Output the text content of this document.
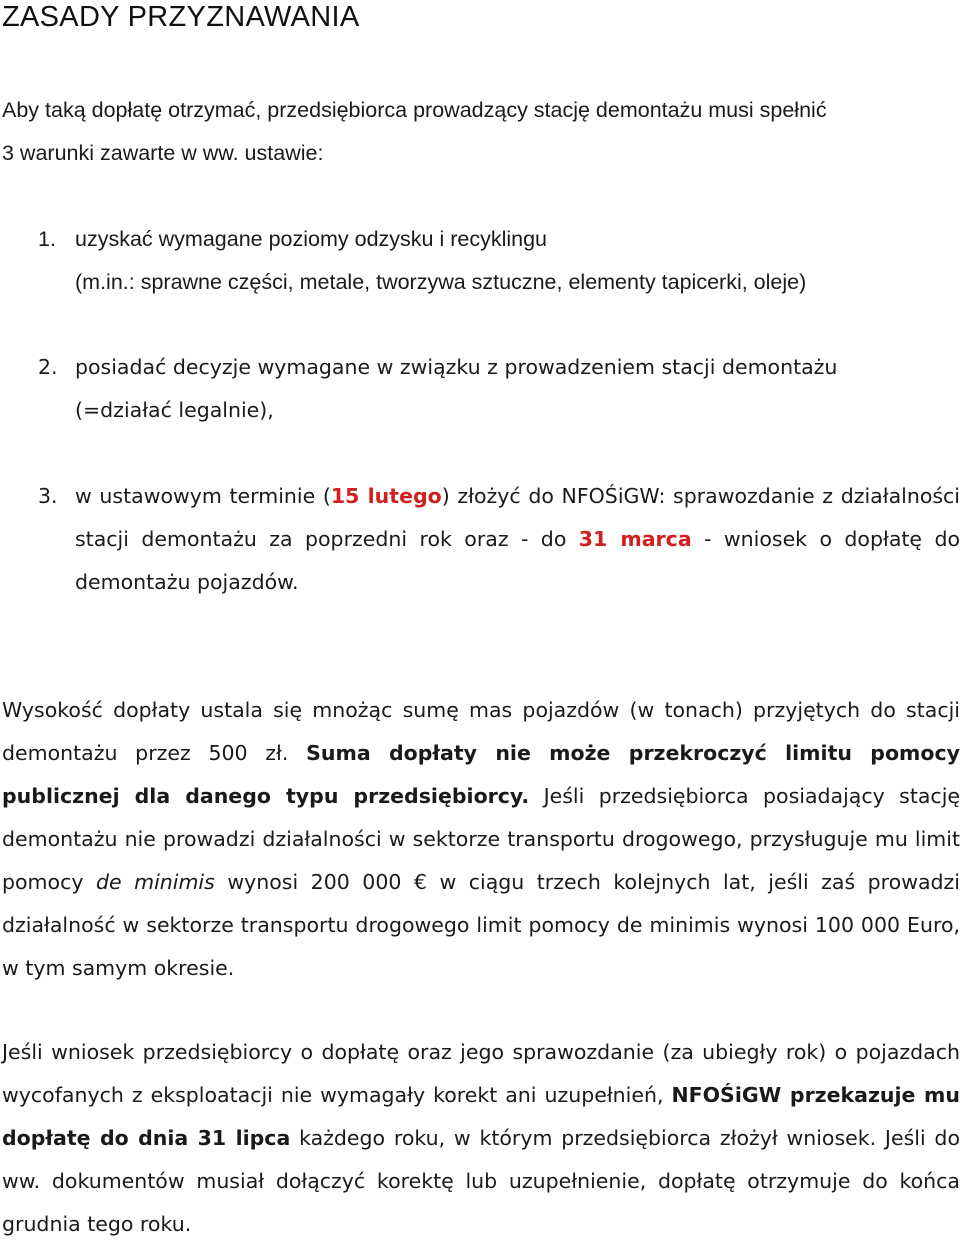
ZASADY PRZYZNAWANIA
Aby taką dopłatę otrzymać, przedsiębiorca prowadzący stację demontażu musi spełnić
3 warunki zawarte w ww. ustawie:
1. uzyskać wymagane poziomy odzysku i recyklingu
(m.in.: sprawne części, metale, tworzywa sztuczne, elementy tapicerki, oleje)
2. posiadać decyzje wymagane w związku z prowadzeniem stacji demontażu
(=działać legalnie),
3. w ustawowym terminie (15 lutego) złożyć do NFOŚiGW: sprawozdanie z działalności stacji demontażu za poprzedni rok oraz - do 31 marca - wniosek o dopłatę do demontażu pojazdów.
Wysokość dopłaty ustala się mnożąc sumę mas pojazdów (w tonach) przyjętych do stacji demontażu przez 500 zł. Suma dopłaty nie może przekroczyć limitu pomocy publicznej dla danego typu przedsiębiorcy. Jeśli przedsiębiorca posiadający stację demontażu nie prowadzi działalności w sektorze transportu drogowego, przysługuje mu limit pomocy de minimis wynosi 200 000 € w ciągu trzech kolejnych lat, jeśli zaś prowadzi działalność w sektorze transportu drogowego limit pomocy de minimis wynosi 100 000 Euro, w tym samym okresie.
Jeśli wniosek przedsiębiorcy o dopłatę oraz jego sprawozdanie (za ubiegły rok) o pojazdach wycofanych z eksploatacji nie wymagały korekt ani uzupełnień, NFOŚiGW przekazuje mu dopłatę do dnia 31 lipca każdego roku, w którym przedsiębiorca złożył wniosek. Jeśli do ww. dokumentów musiał dołączyć korektę lub uzupełnienie, dopłatę otrzymuje do końca grudnia tego roku.
